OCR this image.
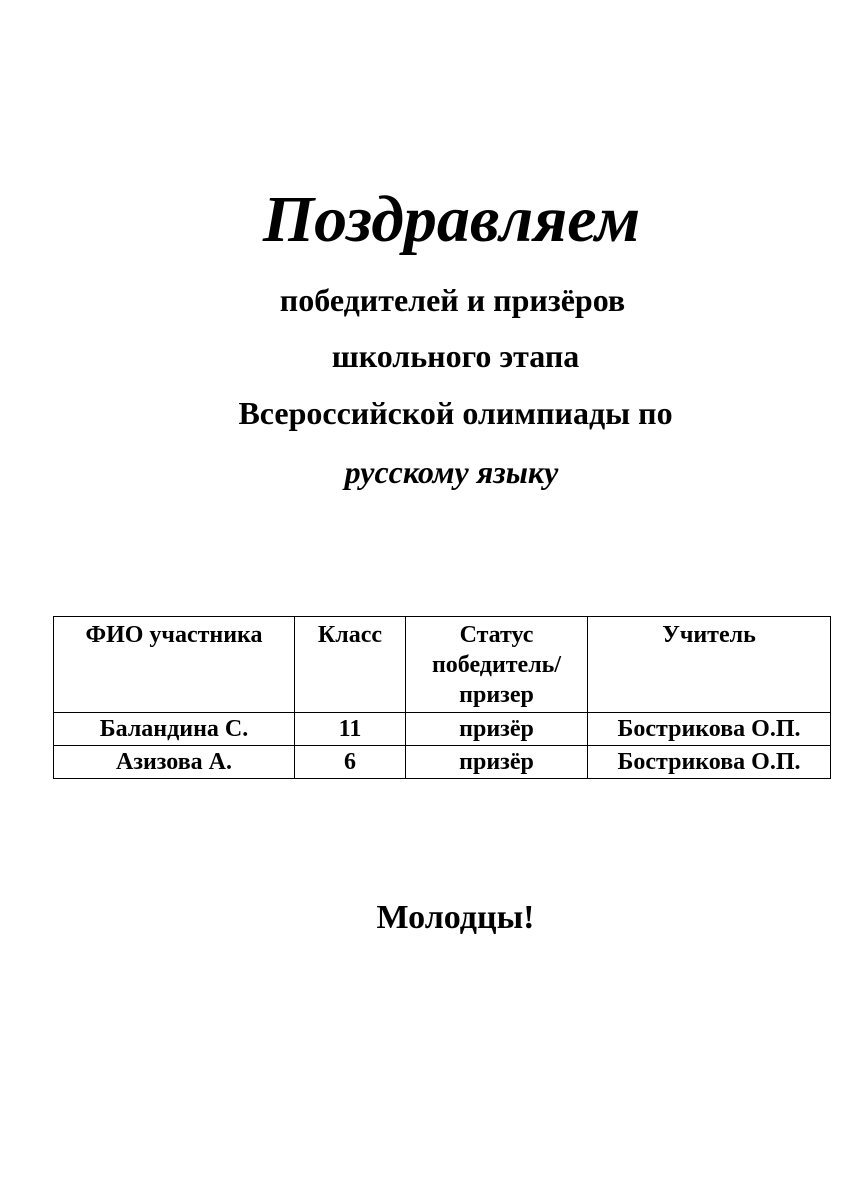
Поздравляем
победителей и призёров
школьного этапа
Всероссийской олимпиады по
русскому языку
ФИО участника	Класс	Статус победитель/ призер	Учитель
Баландина С.	11	призёр	Бострикова О.П.
Азизова А.	6	призёр	Бострикова О.П.
Молодцы!
